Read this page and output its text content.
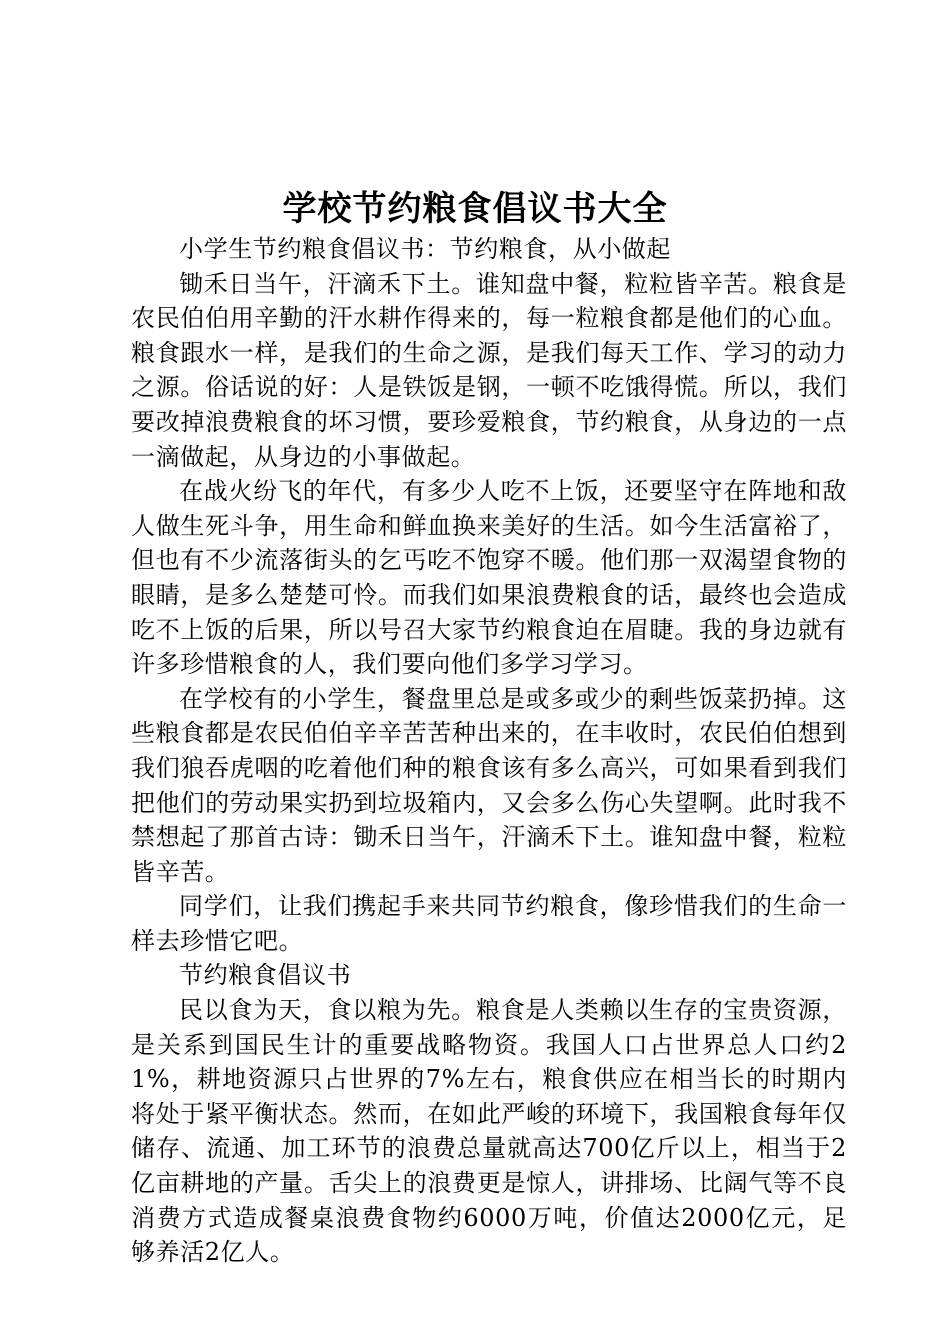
学校节约粮食倡议书大全

小学生节约粮食倡议书：节约粮食，从小做起

锄禾日当午，汗滴禾下土。谁知盘中餐，粒粒皆辛苦。粮食是农民伯伯用辛勤的汗水耕作得来的，每一粒粮食都是他们的心血。粮食跟水一样，是我们的生命之源，是我们每天工作、学习的动力之源。俗话说的好：人是铁饭是钢，一顿不吃饿得慌。所以，我们要改掉浪费粮食的坏习惯，要珍爱粮食，节约粮食，从身边的一点一滴做起，从身边的小事做起。

在战火纷飞的年代，有多少人吃不上饭，还要坚守在阵地和敌人做生死斗争，用生命和鲜血换来美好的生活。如今生活富裕了，但也有不少流落街头的乞丐吃不饱穿不暖。他们那一双渴望食物的眼睛，是多么楚楚可怜。而我们如果浪费粮食的话，最终也会造成吃不上饭的后果，所以号召大家节约粮食迫在眉睫。我的身边就有许多珍惜粮食的人，我们要向他们多学习学习。

在学校有的小学生，餐盘里总是或多或少的剩些饭菜扔掉。这些粮食都是农民伯伯辛辛苦苦种出来的，在丰收时，农民伯伯想到我们狼吞虎咽的吃着他们种的粮食该有多么高兴，可如果看到我们把他们的劳动果实扔到垃圾箱内，又会多么伤心失望啊。此时我不禁想起了那首古诗：锄禾日当午，汗滴禾下土。谁知盘中餐，粒粒皆辛苦。

同学们，让我们携起手来共同节约粮食，像珍惜我们的生命一样去珍惜它吧。

节约粮食倡议书

民以食为天，食以粮为先。粮食是人类赖以生存的宝贵资源，是关系到国民生计的重要战略物资。我国人口占世界总人口约21%，耕地资源只占世界的7%左右，粮食供应在相当长的时期内将处于紧平衡状态。然而，在如此严峻的环境下，我国粮食每年仅储存、流通、加工环节的浪费总量就高达700亿斤以上，相当于2亿亩耕地的产量。舌尖上的浪费更是惊人，讲排场、比阔气等不良消费方式造成餐桌浪费食物约6000万吨，价值达2000亿元，足够养活2亿人。
